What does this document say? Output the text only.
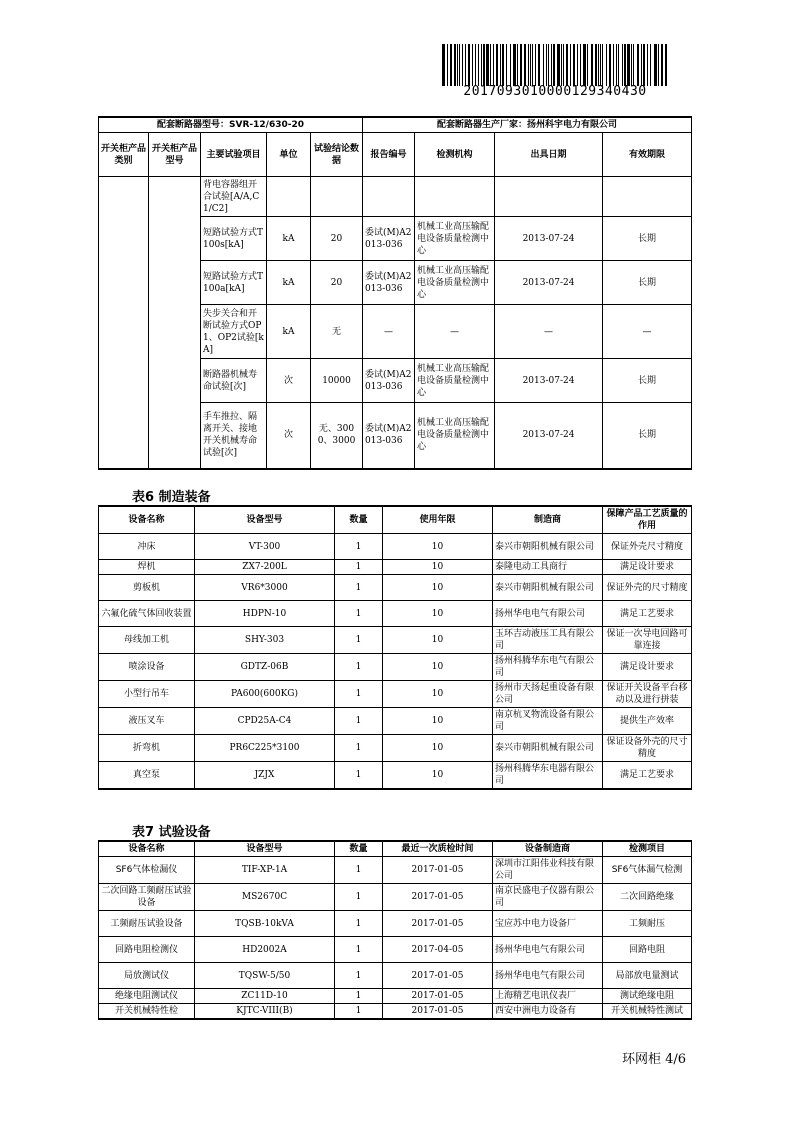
2017093010000129340430
配套断路器型号：SVR-12/630-20					配套断路器生产厂家：扬州科宇电力有限公司			
开关柜产品类别	开关柜产品型号	主要试验项目	单位	试验结论数据	报告编号	检测机构	出具日期	有效期限
		背电容器组开合试验[A/A,C1/C2]						
		短路试验方式T100s[kA]	kA	20	委试(M)A2013-036	机械工业高压输配电设备质量检测中心	2013-07-24	长期
		短路试验方式T100a[kA]	kA	20	委试(M)A2013-036	机械工业高压输配电设备质量检测中心	2013-07-24	长期
		失步关合和开断试验方式OP1、OP2试验[kA]	kA	无	—	—	—	—
		断路器机械寿命试验[次]	次	10000	委试(M)A2013-036	机械工业高压输配电设备质量检测中心	2013-07-24	长期
		手车推拉、隔离开关、接地开关机械寿命试验[次]	次	无、3000、3000	委试(M)A2013-036	机械工业高压输配电设备质量检测中心	2013-07-24	长期
表6 制造装备
设备名称	设备型号	数量	使用年限	制造商	保障产品工艺质量的作用
冲床	VT-300	1	10	泰兴市朝阳机械有限公司	保证外壳尺寸精度
焊机	ZX7-200L	1	10	泰隆电动工具商行	满足设计要求
剪板机	VR6*3000	1	10	泰兴市朝阳机械有限公司	保证外壳的尺寸精度
六氟化硫气体回收装置	HDPN-10	1	10	扬州华电电气有限公司	满足工艺要求
母线加工机	SHY-303	1	10	玉环吉动液压工具有限公司	保证一次导电回路可靠连接
喷涂设备	GDTZ-06B	1	10	扬州科腾华东电气有限公司	满足设计要求
小型行吊车	PA600(600KG)	1	10	扬州市天扬起重设备有限公司	保证开关设备平台移动以及进行拼装
液压叉车	CPD25A-C4	1	10	南京杭叉物流设备有限公司	提供生产效率
折弯机	PR6C225*3100	1	10	泰兴市朝阳机械有限公司	保证设备外壳的尺寸精度
真空泵	JZJX	1	10	扬州科腾华东电器有限公司	满足工艺要求
表7 试验设备
设备名称	设备型号	数量	最近一次质检时间	设备制造商	检测项目
SF6气体检漏仪	TIF-XP-1A	1	2017-01-05	深圳市江阳伟业科技有限公司	SF6气体漏气检测
二次回路工频耐压试验设备	MS2670C	1	2017-01-05	南京民盛电子仪器有限公司	二次回路绝缘
工频耐压试验设备	TQSB-10kVA	1	2017-01-05	宝应苏中电力设备厂	工频耐压
回路电阻检测仪	HD2002A	1	2017-04-05	扬州华电电气有限公司	回路电阻
局放测试仪	TQSW-5/50	1	2017-01-05	扬州华电电气有限公司	局部放电量测试
绝缘电阻测试仪	ZC11D-10	1	2017-01-05	上海精艺电讯仪表厂	测试绝缘电阻
开关机械特性检	KJTC-VIII(B)	1	2017-01-05	西安中洲电力设备有	开关机械特性测试
环网柜 4/6
